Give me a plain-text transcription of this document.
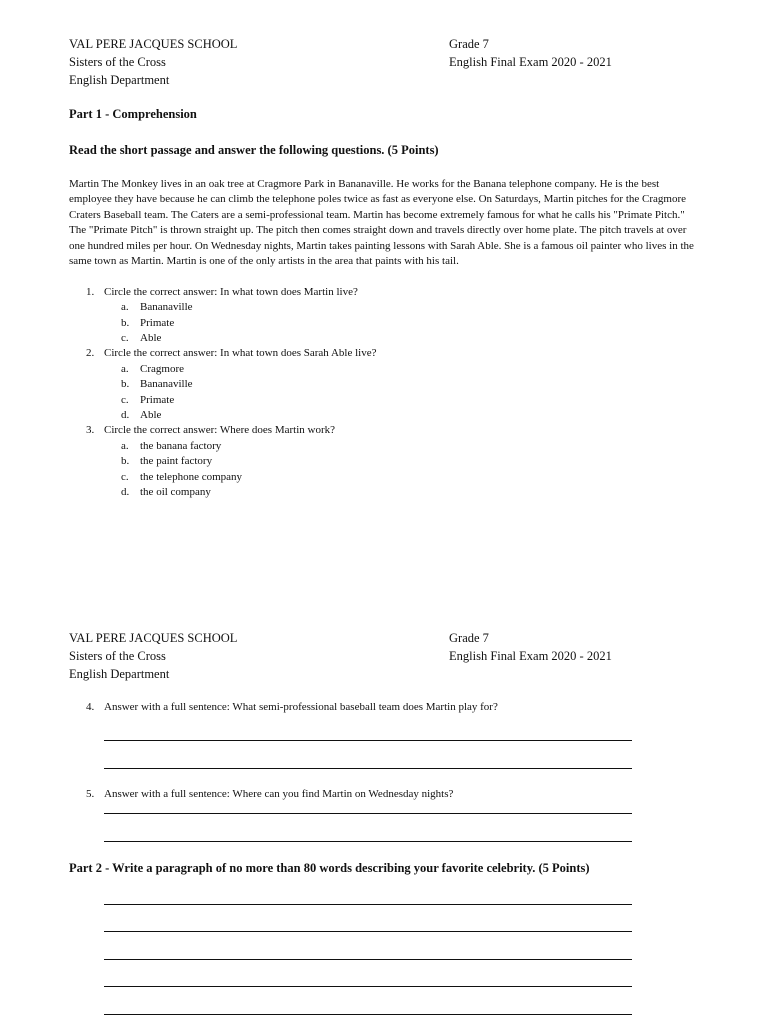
VAL PERE JACQUES SCHOOL
Sisters of the Cross
English Department
Grade 7
English Final Exam 2020 - 2021
Part 1 - Comprehension
Read the short passage and answer the following questions. (5 Points)
Martin The Monkey lives in an oak tree at Cragmore Park in Bananaville. He works for the Banana telephone company. He is the best employee they have because he can climb the telephone poles twice as fast as everyone else. On Saturdays, Martin pitches for the Cragmore Craters Baseball team. The Caters are a semi-professional team. Martin has become extremely famous for what he calls his "Primate Pitch." The "Primate Pitch" is thrown straight up. The pitch then comes straight down and travels directly over home plate. The pitch travels at over one hundred miles per hour. On Wednesday nights, Martin takes painting lessons with Sarah Able. She is a famous oil painter who lives in the same town as Martin. Martin is one of the only artists in the area that paints with his tail.
1. Circle the correct answer: In what town does Martin live?
a. Bananaville
b. Primate
c. Able
2. Circle the correct answer: In what town does Sarah Able live?
a. Cragmore
b. Bananaville
c. Primate
d. Able
3. Circle the correct answer: Where does Martin work?
a. the banana factory
b. the paint factory
c. the telephone company
d. the oil company
VAL PERE JACQUES SCHOOL
Sisters of the Cross
English Department
Grade 7
English Final Exam 2020 - 2021
4. Answer with a full sentence: What semi-professional baseball team does Martin play for?
5. Answer with a full sentence: Where can you find Martin on Wednesday nights?
Part 2 - Write a paragraph of no more than 80 words describing your favorite celebrity. (5 Points)
